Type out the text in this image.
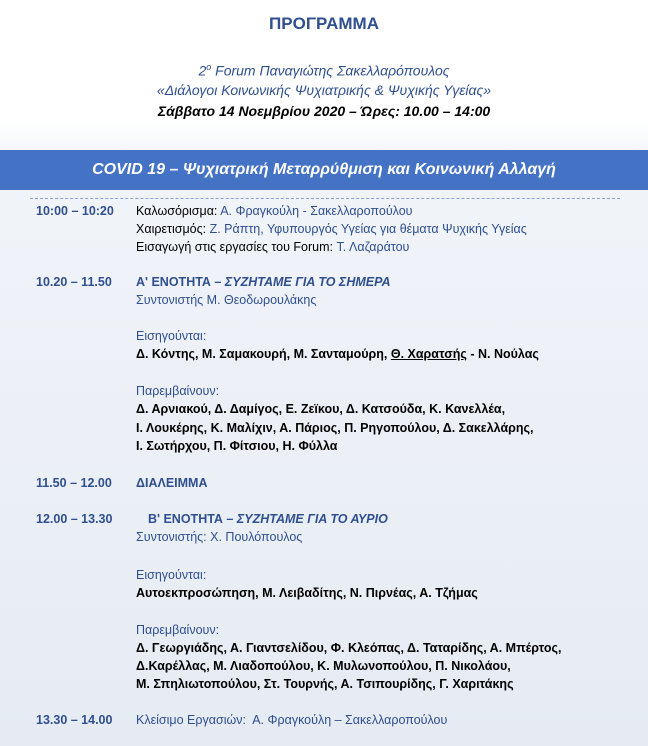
ΠΡΟΓΡΑΜΜΑ
$2^o$ Forum Παναγιώτης Σακελλαρόπουλος
«Διάλογοι Κοινωνικής Ψυχιατρικής & Ψυχικής Υγείας»
Σάββατο 14 Νοεμβρίου 2020 – Ώρες: 10.00 – 14:00
COVID 19 – Ψυχιατρική Μεταρρύθμιση και Κοινωνική Αλλαγή
10:00 – 10:20 Καλωσόρισμα: Α. Φραγκούλη - Σακελλαροπούλου
Χαιρετισμός: Ζ. Ράπτη, Υφυπουργός Υγείας για θέματα Ψυχικής Υγείας
Εισαγωγή στις εργασίες του Forum: Τ. Λαζαράτου
10.20 – 11.50 Α' ΕΝΟΤΗΤΑ – ΣΥΖΗΤΑΜΕ ΓΙΑ ΤΟ ΣΗΜΕΡΑ
Συντονιστής Μ. Θεοδωρουλάκης
Εισηγούνται:
Δ. Κόντης, Μ. Σαμακουρή, Μ. Σανταμούρη, Θ. Χαρατσής - Ν. Νούλας
Παρεμβαίνουν:
Δ. Αρνιακού, Δ. Δαμίγος, Ε. Ζεϊκου, Δ. Κατσούδα, Κ. Κανελλέα,
Ι. Λουκέρης, Κ. Μαλίχιν, Α. Πάριος, Π. Ρηγοπούλου, Δ. Σακελλάρης,
Ι. Σωτήρχου, Π. Φίτσιου, Η. Φύλλα
11.50 – 12.00 ΔΙΑΛΕΙΜΜΑ
12.00 – 13.30	Β' ΕΝΟΤΗΤΑ – ΣΥΖΗΤΑΜΕ ΓΙΑ ΤΟ ΑΥΡΙΟ
Συντονιστής: Χ. Πουλόπουλος
Εισηγούνται:
Αυτοεκπροσώπηση, Μ. Λειβαδίτης, Ν. Πιρνέας, Α. Τζήμας
Παρεμβαίνουν:
Δ. Γεωργιάδης, Α. Γιαντσελίδου, Φ. Κλεόπας, Δ. Ταταρίδης, Α. Μπέρτος,
Δ.Καρέλλας, Μ. Λιαδοπούλου, Κ. Μυλωνοπούλου, Π. Νικολάου,
Μ. Σπηλιωτοπούλου, Στ. Τουρνής, Α. Τσιπουρίδης, Γ. Χαριτάκης
13.30 – 14.00 Κλείσιμο Εργασιών:  Α. Φραγκούλη – Σακελλαροπούλου
